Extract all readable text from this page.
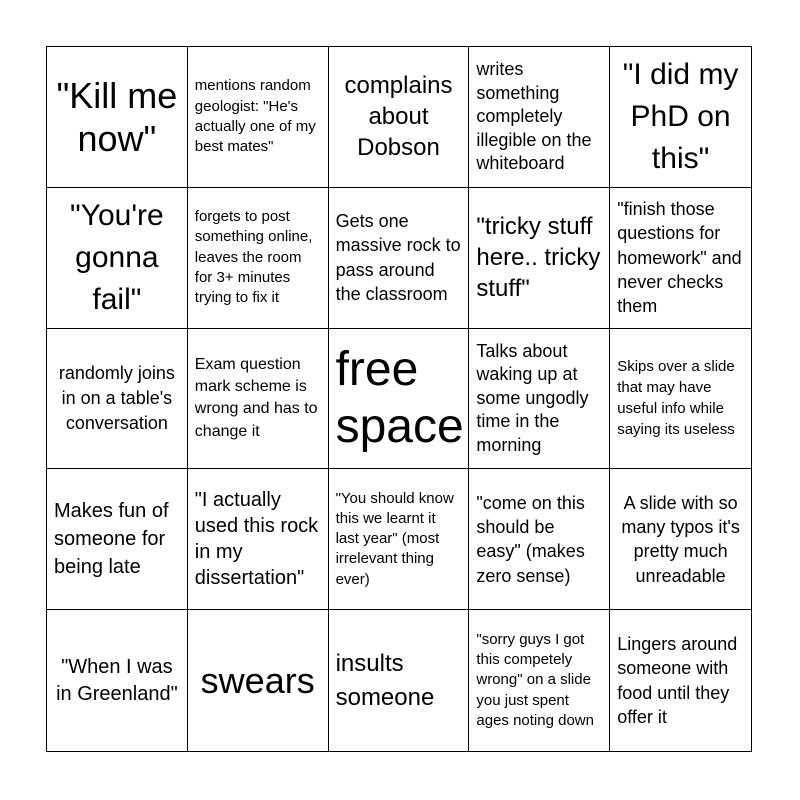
"Kill me now"
mentions random geologist: "He's actually one of my best mates"
complains about Dobson
writes something completely illegible on the whiteboard
"I did my PhD on this"
"You're gonna fail"
forgets to post something online, leaves the room for 3+ minutes trying to fix it
Gets one massive rock to pass around the classroom
"tricky stuff here.. tricky stuff"
"finish those questions for homework" and never checks them
randomly joins in on a table's conversation
Exam question mark scheme is wrong and has to change it
free space
Talks about waking up at some ungodly time in the morning
Skips over a slide that may have useful info while saying its useless
Makes fun of someone for being late
"I actually used this rock in my dissertation"
"You should know this we learnt it last year" (most irrelevant thing ever)
"come on this should be easy" (makes zero sense)
A slide with so many typos it's pretty much unreadable
"When I was in Greenland" swears insults someone
"sorry guys I got this competely wrong" on a slide you just spent ages noting down
Lingers around someone with food until they offer it
